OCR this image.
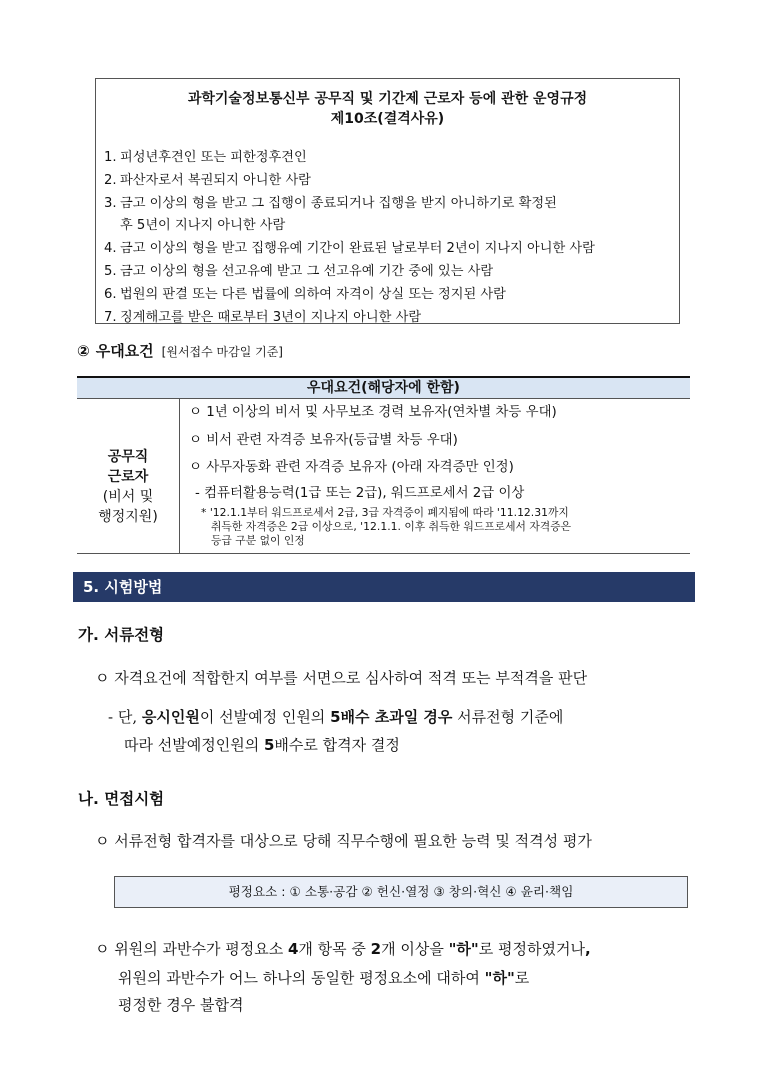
과학기술정보통신부 공무직 및 기간제 근로자 등에 관한 운영규정
제10조(결격사유)
1. 피성년후견인 또는 피한정후견인
2. 파산자로서 복권되지 아니한 사람
3. 금고 이상의 형을 받고 그 집행이 종료되거나 집행을 받지 아니하기로 확정된
후 5년이 지나지 아니한 사람
4. 금고 이상의 형을 받고 집행유예 기간이 완료된 날로부터 2년이 지나지 아니한 사람
5. 금고 이상의 형을 선고유예 받고 그 선고유예 기간 중에 있는 사람
6. 법원의 판결 또는 다른 법률에 의하여 자격이 상실 또는 정지된 사람
7. 징계해고를 받은 때로부터 3년이 지나지 아니한 사람
② 우대요건 [원서접수 마감일 기준]
우대요건(해당자에 한함)
공무직
근로자
(비서 및
행정지원)
ㅇ 1년 이상의 비서 및 사무보조 경력 보유자(연차별 차등 우대)
ㅇ 비서 관련 자격증 보유자(등급별 차등 우대)
ㅇ 사무자동화 관련 자격증 보유자 (아래 자격증만 인정)
- 컴퓨터활용능력(1급 또는 2급), 워드프로세서 2급 이상
* '12.1.1부터 워드프로세서 2급, 3급 자격증이 폐지됨에 따라 '11.12.31까지
취득한 자격증은 2급 이상으로, '12.1.1. 이후 취득한 워드프로세서 자격증은
등급 구분 없이 인정
5. 시험방법
가. 서류전형
ㅇ 자격요건에 적합한지 여부를 서면으로 심사하여 적격 또는 부적격을 판단
- 단, 응시인원이 선발예정 인원의 5배수 초과일 경우 서류전형 기준에
따라 선발예정인원의 5배수로 합격자 결정
나. 면접시험
ㅇ 서류전형 합격자를 대상으로 당해 직무수행에 필요한 능력 및 적격성 평가
평정요소 : ① 소통·공감 ② 헌신·열정 ③ 창의·혁신 ④ 윤리·책임
ㅇ 위원의 과반수가 평정요소 4개 항목 중 2개 이상을 "하"로 평정하였거나,
위원의 과반수가 어느 하나의 동일한 평정요소에 대하여 "하"로
평정한 경우 불합격
